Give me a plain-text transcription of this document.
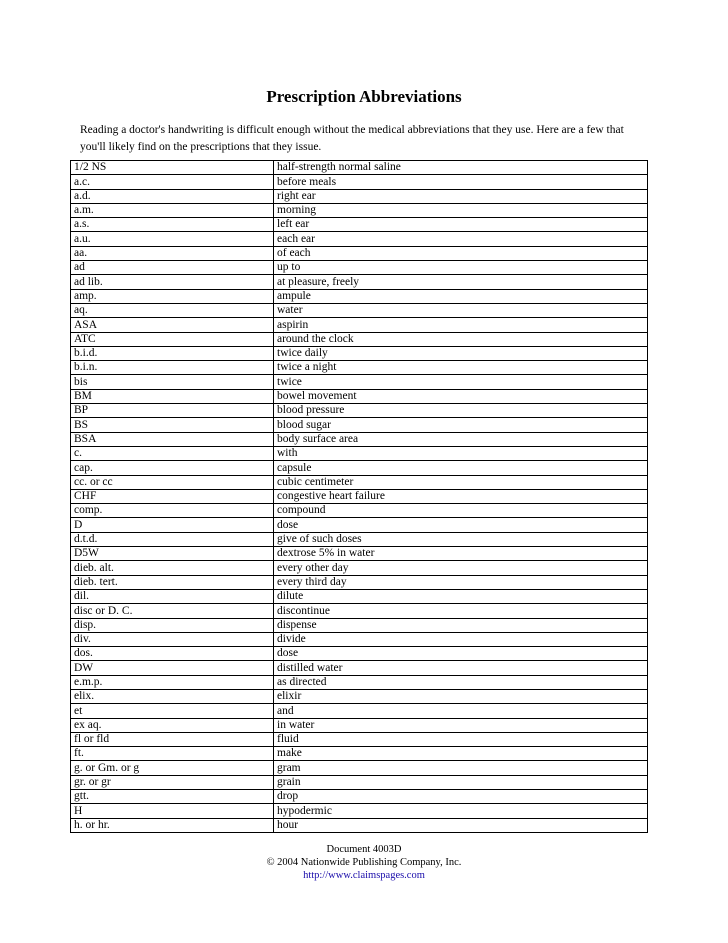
Prescription Abbreviations

Reading a doctor's handwriting is difficult enough without the medical abbreviations that they use. Here are a few that

you'll likely find on the prescriptions that they issue.

1/2 NS	half-strength normal saline
a.c.	before meals
a.d.	right ear
a.m.	morning
a.s.	left ear
a.u.	each ear
aa.	of each
ad	up to
ad lib.	at pleasure, freely
amp.	ampule
aq.	water
ASA	aspirin
ATC	around the clock
b.i.d.	twice daily
b.i.n.	twice a night
bis	twice
BM	bowel movement
BP	blood pressure
BS	blood sugar
BSA	body surface area
c.	with
cap.	capsule
cc. or cc	cubic centimeter
CHF	congestive heart failure
comp.	compound
D	dose
d.t.d.	give of such doses
D5W	dextrose 5% in water
dieb. alt.	every other day
dieb. tert.	every third day
dil.	dilute
disc or D. C.	discontinue
disp.	dispense
div.	divide
dos.	dose
DW	distilled water
e.m.p.	as directed
elix.	elixir
et	and
ex aq.	in water
fl or fld	fluid
ft.	make
g. or Gm. or g	gram
gr. or gr	grain
gtt.	drop
H	hypodermic
h. or hr.	hour
Document 4003D
© 2004 Nationwide Publishing Company, Inc.
http://www.claimspages.com
